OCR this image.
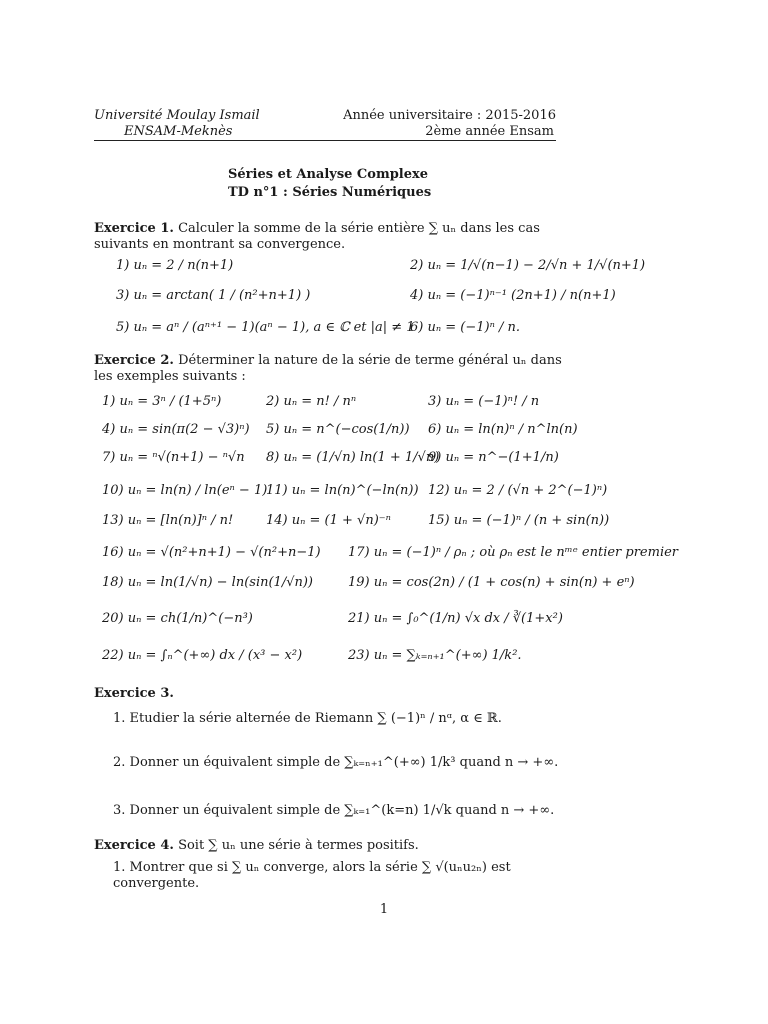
Université Moulay Ismail	Année universitaire : 2015-2016
ENSAM-Meknès	2ème année Ensam
Séries et Analyse Complexe
TD n°1 : Séries Numériques
Exercice 1. Calculer la somme de la série entière ∑ uₙ dans les cas suivants en montrant sa convergence.
1) uₙ = 2 / n(n+1)	2) uₙ = 1/√(n−1) − 2/√n + 1/√(n+1)
3) uₙ = arctan( 1 / (n²+n+1) )	4) uₙ = (−1)ⁿ⁻¹ (2n+1) / n(n+1)
5) uₙ = aⁿ / (aⁿ⁺¹ − 1)(aⁿ − 1), a ∈ ℂ et |a| ≠ 1
6) uₙ = (−1)ⁿ / n.
Exercice 2. Déterminer la nature de la série de terme général uₙ dans les exemples suivants :
1) uₙ = 3ⁿ / (1+5ⁿ)	2) uₙ = n! / nⁿ	3) uₙ = (−1)ⁿ! / n
4) uₙ = sin(π(2 − √3)ⁿ) 5) uₙ = n^(−cos(1/n)) 6) uₙ = ln(n)ⁿ / n^ln(n)
7) uₙ = ⁿ√(n+1) − ⁿ√n 8) uₙ = (1/√n) ln(1 + 1/√n)
9) uₙ = n^−(1+1/n)
10) uₙ = ln(n) / ln(eⁿ − 1)
11) uₙ = ln(n)^(−ln(n)) 12) uₙ = 2 / (√n + 2^(−1)ⁿ)
13) uₙ = [ln(n)]ⁿ / n!	14) uₙ = (1 + √n)⁻ⁿ	15) uₙ = (−1)ⁿ / (n + sin(n))
16) uₙ = √(n²+n+1) − √(n²+n−1) 17) uₙ = (−1)ⁿ / ρₙ ; où ρₙ est le nᵐᵉ entier premier
18) uₙ = ln(1/√n) − ln(sin(1/√n))	19) uₙ = cos(2n) / (1 + cos(n) + sin(n) + eⁿ)
20) uₙ = ch(1/n)^(−n³)	21) uₙ = ∫₀^(1/n) √x dx / ∛(1+x²)
22) uₙ = ∫ₙ^(+∞) dx / (x³ − x²)	23) uₙ = ∑ₖ₌ₙ₊₁^(+∞) 1/k².
Exercice 3.
1. Etudier la série alternée de Riemann ∑ (−1)ⁿ / nᵅ, α ∈ ℝ.
2. Donner un équivalent simple de ∑ₖ₌ₙ₊₁^(+∞) 1/k³ quand n → +∞.
3. Donner un équivalent simple de ∑ₖ₌₁^(k=n) 1/√k quand n → +∞.
Exercice 4. Soit ∑ uₙ une série à termes positifs.
1. Montrer que si ∑ uₙ converge, alors la série ∑ √(uₙu₂ₙ) est convergente.
1
